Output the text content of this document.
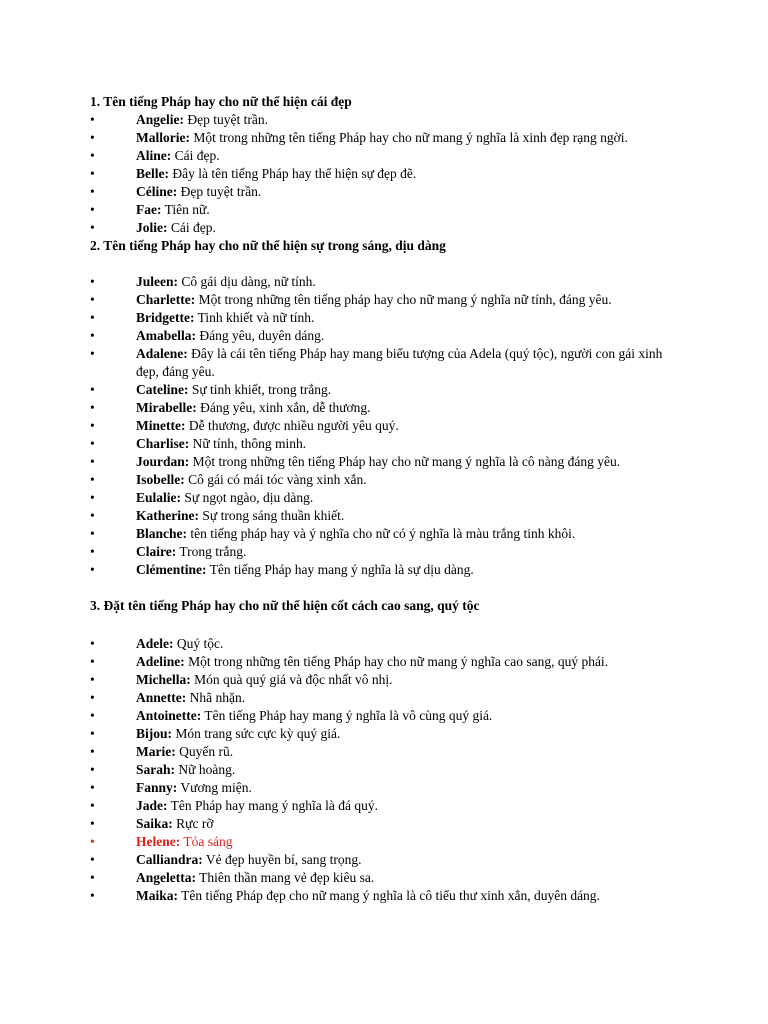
1. Tên tiếng Pháp hay cho nữ thể hiện cái đẹp
•	Angelie: Đẹp tuyệt trần.
•	Mallorie: Một trong những tên tiếng Pháp hay cho nữ mang ý nghĩa là xinh đẹp rạng ngời.
•	Aline: Cái đẹp.
•	Belle: Đây là tên tiếng Pháp hay thể hiện sự đẹp đẽ.
•	Céline: Đẹp tuyệt trần.
•	Fae: Tiên nữ.
•	Jolie: Cái đẹp.
2. Tên tiếng Pháp hay cho nữ thể hiện sự trong sáng, dịu dàng
•	Juleen: Cô gái dịu dàng, nữ tính.
•	Charlette: Một trong những tên tiếng pháp hay cho nữ mang ý nghĩa nữ tính, đáng yêu.
•	Bridgette: Tinh khiết và nữ tính.
•	Amabella: Đáng yêu, duyên dáng.
•	Adalene: Đây là cái tên tiếng Pháp hay mang biểu tượng của Adela (quý tộc), người con gái xinh đẹp, đáng yêu.
•	Cateline: Sự tinh khiết, trong trắng.
•	Mirabelle: Đáng yêu, xinh xắn, dễ thương.
•	Minette: Dễ thương, được nhiều người yêu quý.
•	Charlise: Nữ tính, thông minh.
•	Jourdan: Một trong những tên tiếng Pháp hay cho nữ mang ý nghĩa là cô nàng đáng yêu.
•	Isobelle: Cô gái có mái tóc vàng xinh xắn.
•	Eulalie: Sự ngọt ngào, dịu dàng.
•	Katherine: Sự trong sáng thuần khiết.
•	Blanche: tên tiếng pháp hay và ý nghĩa cho nữ có ý nghĩa là màu trắng tinh khôi.
•	Claire: Trong trắng.
•	Clémentine: Tên tiếng Pháp hay mang ý nghĩa là sự dịu dàng.
3. Đặt tên tiếng Pháp hay cho nữ thể hiện cốt cách cao sang, quý tộc
•	Adele: Quý tộc.
•	Adeline: Một trong những tên tiếng Pháp hay cho nữ mang ý nghĩa cao sang, quý phái.
•	Michella: Món quà quý giá và độc nhất vô nhị.
•	Annette: Nhã nhặn.
•	Antoinette: Tên tiếng Pháp hay mang ý nghĩa là vô cùng quý giá.
•	Bijou: Món trang sức cực kỳ quý giá.
•	Marie: Quyến rũ.
•	Sarah: Nữ hoàng.
•	Fanny: Vương miện.
•	Jade: Tên Pháp hay mang ý nghĩa là đá quý.
•	Saika: Rực rỡ
•	Helene: Tỏa sáng
•	Calliandra: Vẻ đẹp huyền bí, sang trọng.
•	Angeletta: Thiên thần mang vẻ đẹp kiêu sa.
•	Maika: Tên tiếng Pháp đẹp cho nữ mang ý nghĩa là cô tiểu thư xinh xắn, duyên dáng.
